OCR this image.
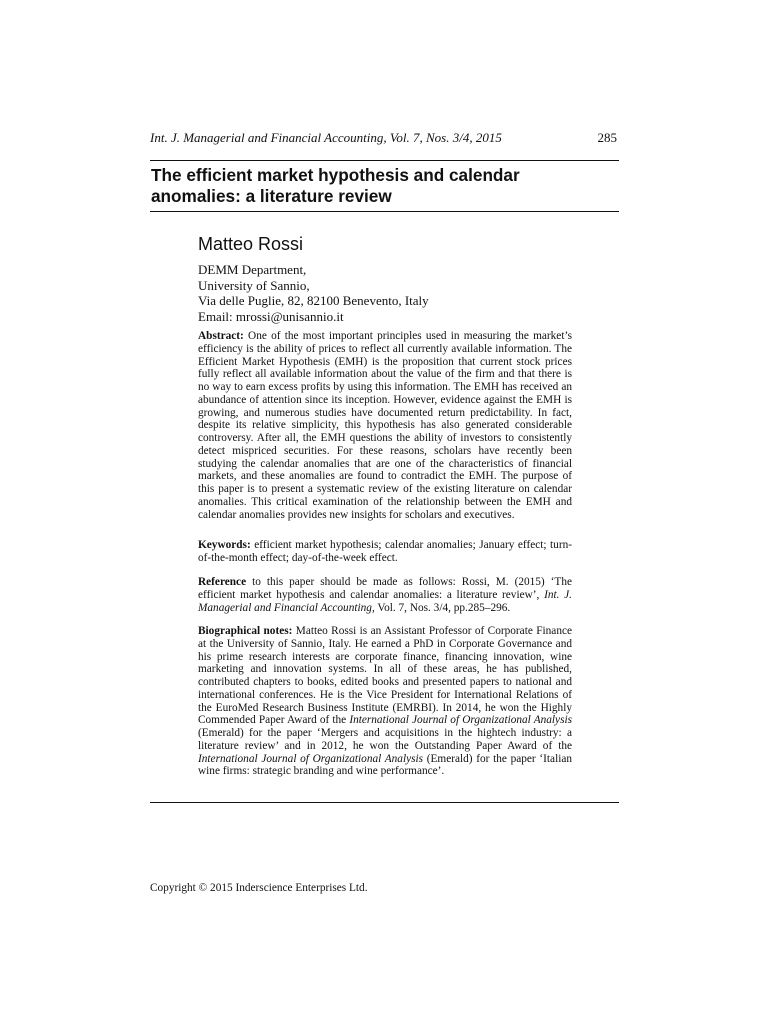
Int. J. Managerial and Financial Accounting, Vol. 7, Nos. 3/4, 2015	285
The efficient market hypothesis and calendar
anomalies: a literature review
Matteo Rossi
DEMM Department,
University of Sannio,
Via delle Puglie, 82, 82100 Benevento, Italy
Email: mrossi@unisannio.it
Abstract: One of the most important principles used in measuring the market’s efficiency is the ability of prices to reflect all currently available information. The Efficient Market Hypothesis (EMH) is the proposition that current stock prices fully reflect all available information about the value of the firm and that there is no way to earn excess profits by using this information. The EMH has received an abundance of attention since its inception. However, evidence against the EMH is growing, and numerous studies have documented return predictability. In fact, despite its relative simplicity, this hypothesis has also generated considerable controversy. After all, the EMH questions the ability of investors to consistently detect mispriced securities. For these reasons, scholars have recently been studying the calendar anomalies that are one of the characteristics of financial markets, and these anomalies are found to contradict the EMH. The purpose of this paper is to present a systematic review of the existing literature on calendar anomalies. This critical examination of the relationship between the EMH and calendar anomalies provides new insights for scholars and executives.
Keywords: efficient market hypothesis; calendar anomalies; January effect; turn-of-the-month effect; day-of-the-week effect.
Reference to this paper should be made as follows: Rossi, M. (2015) ‘The efficient market hypothesis and calendar anomalies: a literature review’, Int. J. Managerial and Financial Accounting, Vol. 7, Nos. 3/4, pp.285–296.
Biographical notes: Matteo Rossi is an Assistant Professor of Corporate Finance at the University of Sannio, Italy. He earned a PhD in Corporate Governance and his prime research interests are corporate finance, financing innovation, wine marketing and innovation systems. In all of these areas, he has published, contributed chapters to books, edited books and presented papers to national and international conferences. He is the Vice President for International Relations of the EuroMed Research Business Institute (EMRBI). In 2014, he won the Highly Commended Paper Award of the International Journal of Organizational Analysis (Emerald) for the paper ‘Mergers and acquisitions in the hightech industry: a literature review’ and in 2012, he won the Outstanding Paper Award of the International Journal of Organizational Analysis (Emerald) for the paper ‘Italian wine firms: strategic branding and wine performance’.
Copyright © 2015 Inderscience Enterprises Ltd.
